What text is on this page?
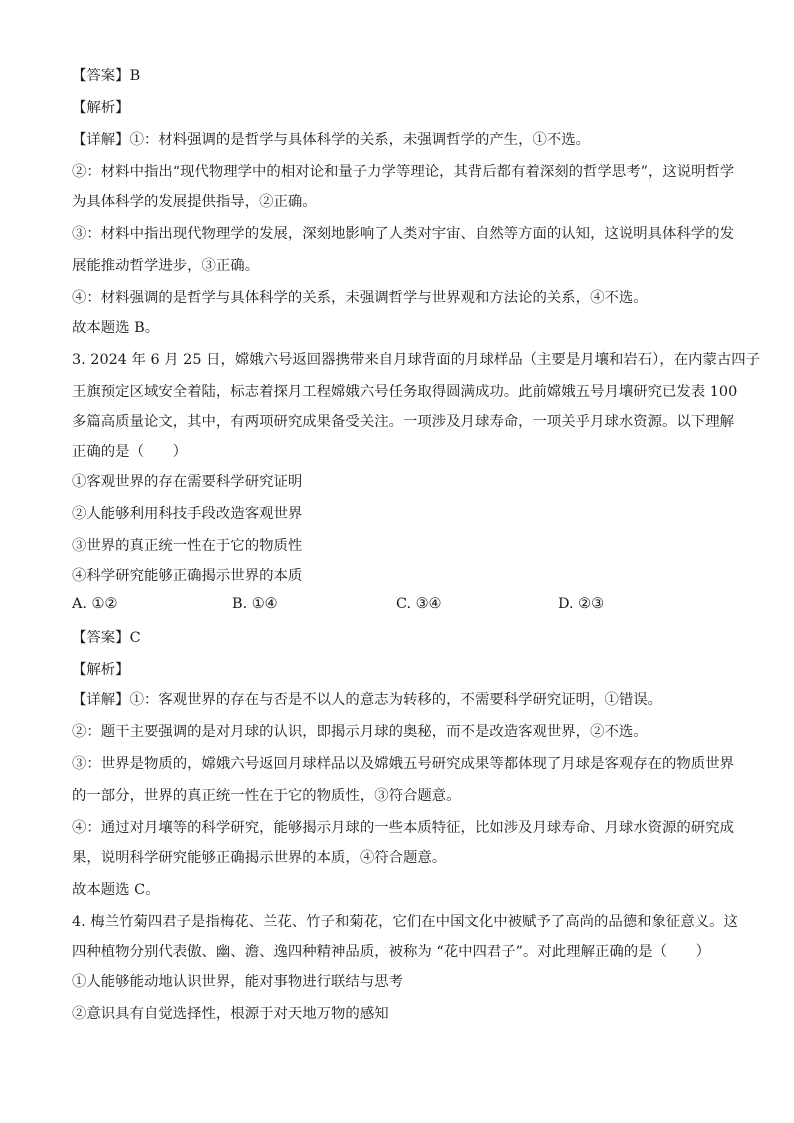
【答案】B
【解析】
【详解】①：材料强调的是哲学与具体科学的关系，未强调哲学的产生，①不选。
②：材料中指出“现代物理学中的相对论和量子力学等理论，其背后都有着深刻的哲学思考”，这说明哲学
为具体科学的发展提供指导，②正确。
③：材料中指出现代物理学的发展，深刻地影响了人类对宇宙、自然等方面的认知，这说明具体科学的发
展能推动哲学进步，③正确。
④：材料强调的是哲学与具体科学的关系，未强调哲学与世界观和方法论的关系，④不选。
故本题选 B。
3. 2024 年 6 月 25 日，嫦娥六号返回器携带来自月球背面的月球样品（主要是月壤和岩石），在内蒙古四子
王旗预定区域安全着陆，标志着探月工程嫦娥六号任务取得圆满成功。此前嫦娥五号月壤研究已发表 100
多篇高质量论文，其中，有两项研究成果备受关注。一项涉及月球寿命，一项关乎月球水资源。以下理解
正确的是（　　）
①客观世界的存在需要科学研究证明
②人能够利用科技手段改造客观世界
③世界的真正统一性在于它的物质性
④科学研究能够正确揭示世界的本质
A. ①②	B. ①④	C. ③④	D. ②③
【答案】C
【解析】
【详解】①：客观世界的存在与否是不以人的意志为转移的，不需要科学研究证明，①错误。
②：题干主要强调的是对月球的认识，即揭示月球的奥秘，而不是改造客观世界，②不选。
③：世界是物质的，嫦娥六号返回月球样品以及嫦娥五号研究成果等都体现了月球是客观存在的物质世界
的一部分，世界的真正统一性在于它的物质性，③符合题意。
④：通过对月壤等的科学研究，能够揭示月球的一些本质特征，比如涉及月球寿命、月球水资源的研究成
果，说明科学研究能够正确揭示世界的本质，④符合题意。
故本题选 C。
4. 梅兰竹菊四君子是指梅花、兰花、竹子和菊花，它们在中国文化中被赋予了高尚的品德和象征意义。这
四种植物分别代表傲、幽、澹、逸四种精神品质，被称为 “花中四君子”。对此理解正确的是（　　）
①人能够能动地认识世界，能对事物进行联结与思考
②意识具有自觉选择性，根源于对天地万物的感知
